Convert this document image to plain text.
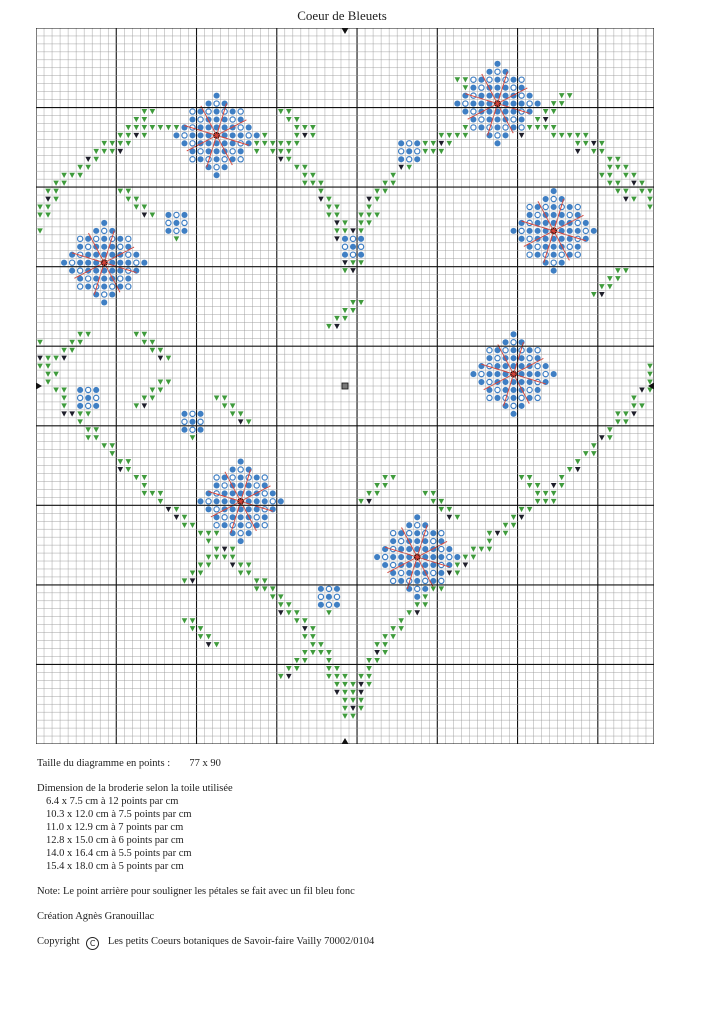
Coeur de Bleuets
Taille du diagramme en points : 77 x 90
Dimension de la broderie selon la toile utilisée
6.4 x 7.5 cm à 12 points par cm
10.3 x 12.0 cm à 7.5 points par cm
11.0 x 12.9 cm à 7 points par cm
12.8 x 15.0 cm à 6 points par cm
14.0 x 16.4 cm à 5.5 points par cm
15.4 x 18.0 cm à 5 points par cm
Note: Le point arrière pour souligner les pétales se fait avec un fil bleu fonc
Création Agnès Granouillac
Copyright C Les petits Coeurs botaniques de Savoir-faire Vailly 70002/0104
